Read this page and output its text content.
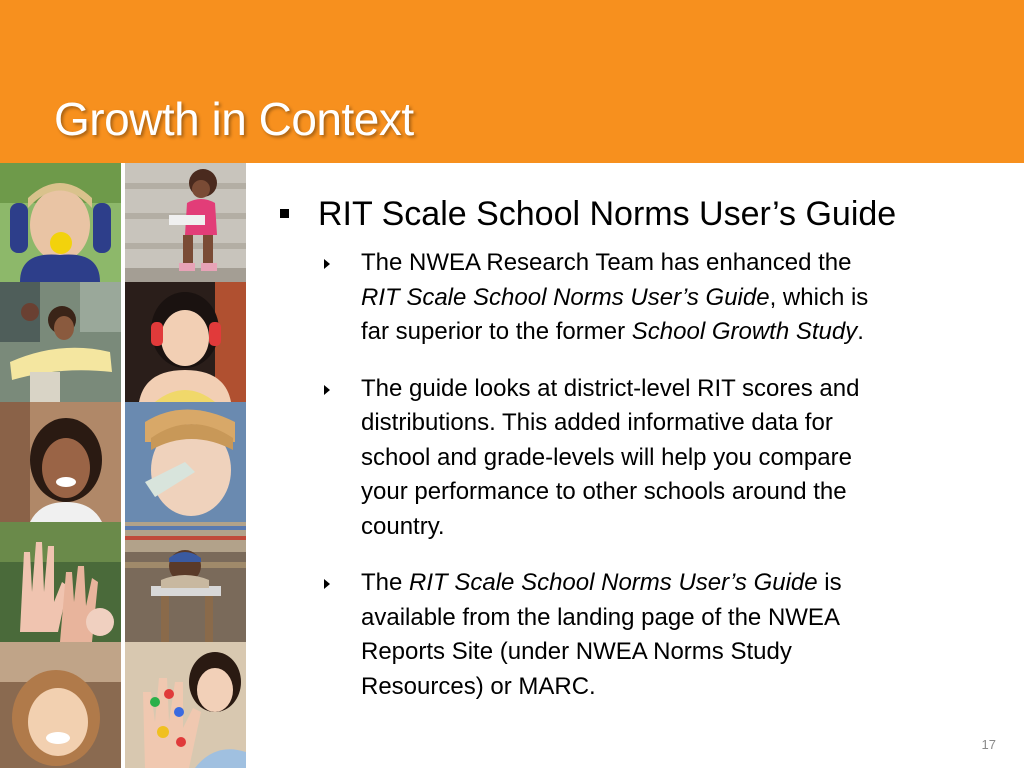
Growth in Context
RIT Scale School Norms User’s Guide
The NWEA Research Team has enhanced the
RIT Scale School Norms User’s Guide, which is
far superior to the former School Growth Study.
The guide looks at district-level RIT scores and
distributions. This added informative data for
school and grade-levels will help you compare
your performance to other schools around the
country.
The RIT Scale School Norms User’s Guide is
available from the landing page of the NWEA
Reports Site (under NWEA Norms Study
Resources) or MARC.
17
